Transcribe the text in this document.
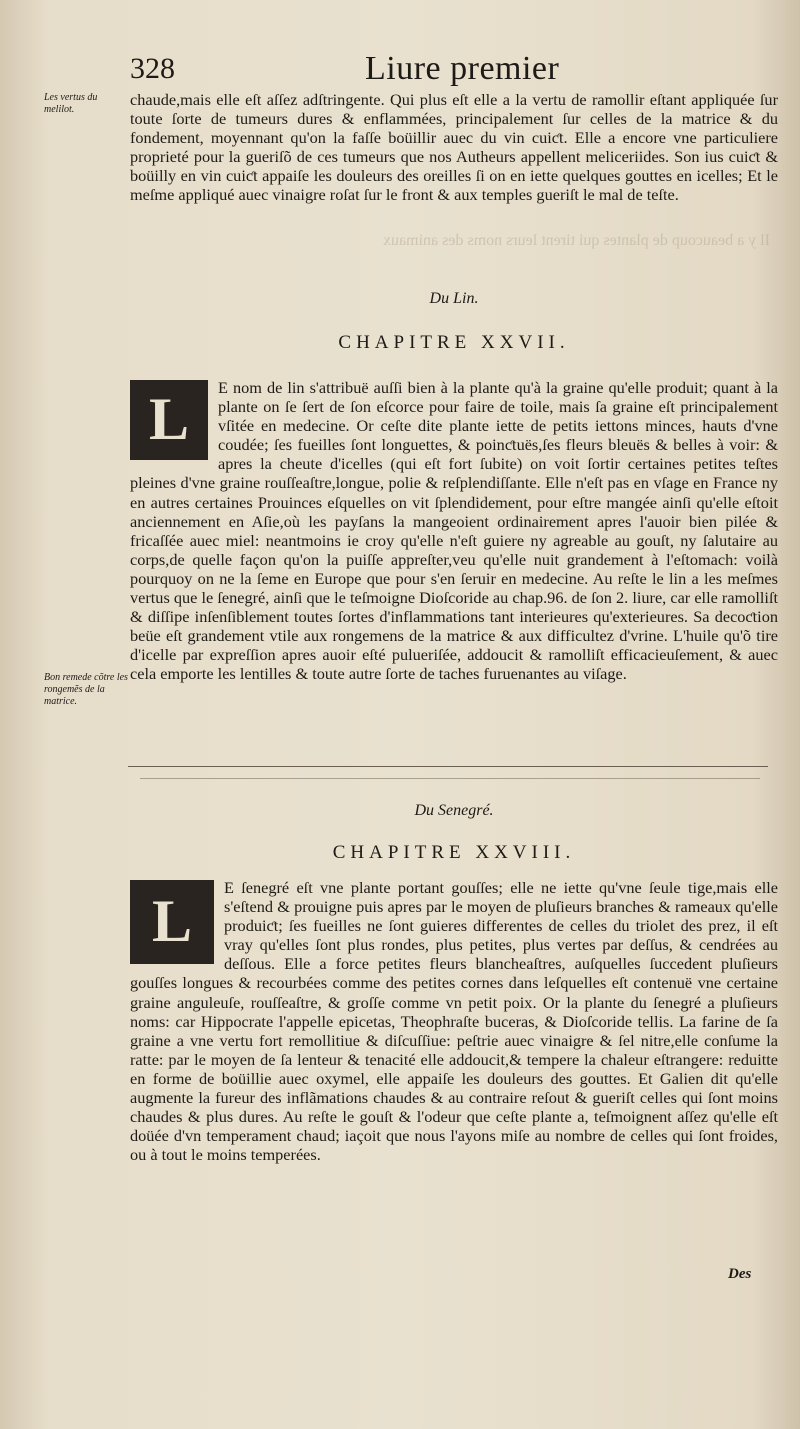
328	Liure premier
Les vertus du melilot.
chaude,mais elle eſt aſſez adſtringente. Qui plus eſt elle a la vertu de ramollir eſtant appliquée ſur toute ſorte de tumeurs dures & enflammées, principalement ſur celles de la matrice & du fondement, moyennant qu'on la faſſe boüillir auec du vin cuiƈt. Elle a encore vne particuliere proprieté pour la gueriſõ de ces tumeurs que nos Autheurs appellent meliceriides. Son ius cuiƈt & boüilly en vin cuiƈt appaiſe les douleurs des oreilles ſi on en iette quelques gouttes en icelles; Et le meſme appliqué auec vinaigre roſat ſur le front & aux temples gueriſt le mal de teſte.
Il y a beaucoup de plantes qui tirent leurs noms des animaux
Du Lin.
CHAPITRE XXVII.
L	E nom de lin s'attribuë auſſi bien à la plante qu'à la graine qu'elle produit; quant à la plante on ſe ſert de ſon eſcorce pour faire de toile, mais ſa graine eſt principalement vſitée en medecine. Or ceſte dite plante iette de petits iettons minces, hauts d'vne coudée; ſes fueilles ſont longuettes, & poinƈtuës,ſes fleurs bleuës & belles à voir: & apres la cheute d'icelles (qui eſt fort ſubite) on voit ſortir certaines petites teſtes pleines d'vne graine rouſſeaſtre,longue, polie & reſplendiſſante. Elle n'eſt pas en vſage en France ny en autres certaines Prouinces eſquelles on vit ſplendidement, pour eſtre mangée ainſi qu'elle eſtoit anciennement en Aſie,où les payſans la mangeoient ordinairement apres l'auoir bien pilée & fricaſſée auec miel: neantmoins ie croy qu'elle n'eſt guiere ny agreable au gouſt, ny ſalutaire au corps,de quelle façon qu'on la puiſſe appreſter,veu qu'elle nuit grandement à l'eſtomach: voilà pourquoy on ne la ſeme en Europe que pour s'en ſeruir en medecine. Au reſte le lin a les meſmes vertus que le ſenegré, ainſi que le teſmoigne Dioſcoride au chap.96. de ſon 2. liure, car elle ramolliſt & diſſipe inſenſiblement toutes ſortes d'inflammations tant interieures qu'exterieures. Sa decoƈtion beüe eſt grandement vtile aux rongemens de la matrice & aux difficultez d'vrine. L'huile qu'õ tire d'icelle par expreſſion apres auoir eſté pulueriſée, addoucit & ramolliſt efficacieuſement, & auec cela emporte les lentilles & toute autre ſorte de taches furuenantes au viſage.
Bon remede cõtre les rongemẽs de la matrice.
Du Senegré.
CHAPITRE XXVIII.
L
E ſenegré eſt vne plante portant gouſſes; elle ne iette qu'vne ſeule tige,mais elle s'eſtend & prouigne puis apres par le moyen de pluſieurs branches & rameaux qu'elle produiƈt; ſes fueilles ne ſont guieres differentes de celles du triolet des prez, il eſt vray qu'elles ſont plus rondes, plus petites, plus vertes par deſſus, & cendrées au deſſous. Elle a force petites fleurs blancheaſtres, auſquelles ſuccedent pluſieurs gouſſes longues & recourbées comme des petites cornes dans leſquelles eſt contenuë vne certaine graine anguleuſe, rouſſeaſtre, & groſſe comme vn petit poix. Or la plante du ſenegré a pluſieurs noms: car Hippocrate l'appelle epicetas, Theophraſte buceras, & Dioſcoride tellis. La farine de ſa graine a vne vertu fort remollitiue & diſcuſſiue: peſtrie auec vinaigre & ſel nitre,elle conſume la ratte: par le moyen de ſa lenteur & tenacité elle addoucit,& tempere la chaleur eſtrangere: reduitte en forme de boüillie auec oxymel, elle appaiſe les douleurs des gouttes. Et Galien dit qu'elle augmente la fureur des inflãmations chaudes & au contraire reſout & gueriſt celles qui ſont moins chaudes & plus dures. Au reſte le gouſt & l'odeur que ceſte plante a, teſmoignent aſſez qu'elle eſt doüée d'vn temperament chaud; iaçoit que nous l'ayons miſe au nombre de celles qui ſont froides, ou à tout le moins temperées.
Des
